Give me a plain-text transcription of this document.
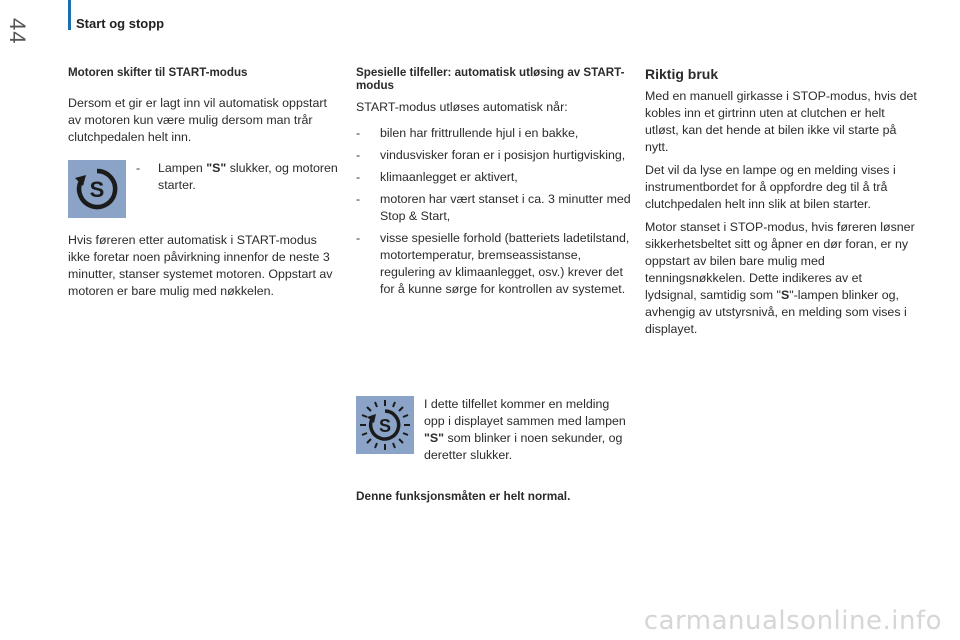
Start og stopp
44
Motoren skifter til START-modus

Dersom et gir er lagt inn vil automatisk oppstart av motoren kun være mulig dersom man trår clutchpedalen helt inn.

S
-	Lampen "S" slukker, og motoren starter.

Hvis føreren etter automatisk i START-modus ikke foretar noen påvirkning innenfor de neste 3 minutter, stanser systemet motoren. Oppstart av motoren er bare mulig med nøkkelen.

Spesielle tilfeller: automatisk utløsing av START-modus

START-modus utløses automatisk når:

-	bilen har frittrullende hjul i en bakke,
-	vindusvisker foran er i posisjon hurtigvisking,
-	klimaanlegget er aktivert,
-	motoren har vært stanset i ca. 3 minutter med Stop & Start,
-	visse spesielle forhold (batteriets ladetilstand, motortemperatur, bremseassistanse, regulering av klimaanlegget, osv.) krever det for å kunne sørge for kontrollen av systemet.
S
I dette tilfellet kommer en melding opp i displayet sammen med lampen "S" som blinker i noen sekunder, og deretter slukker.
Denne funksjonsmåten er helt normal.
Riktig bruk

Med en manuell girkasse i STOP-modus, hvis det kobles inn et girtrinn uten at clutchen er helt utløst, kan det hende at bilen ikke vil starte på nytt.

Det vil da lyse en lampe og en melding vises i instrumentbordet for å oppfordre deg til å trå clutchpedalen helt inn slik at bilen starter.

Motor stanset i STOP-modus, hvis føreren løsner sikkerhetsbeltet sitt og åpner en dør foran, er ny oppstart av bilen bare mulig med tenningsnøkkelen. Dette indikeres av et lydsignal, samtidig som "S"-lampen blinker og, avhengig av utstyrsnivå, en melding som vises i displayet.

carmanualsonline.info
